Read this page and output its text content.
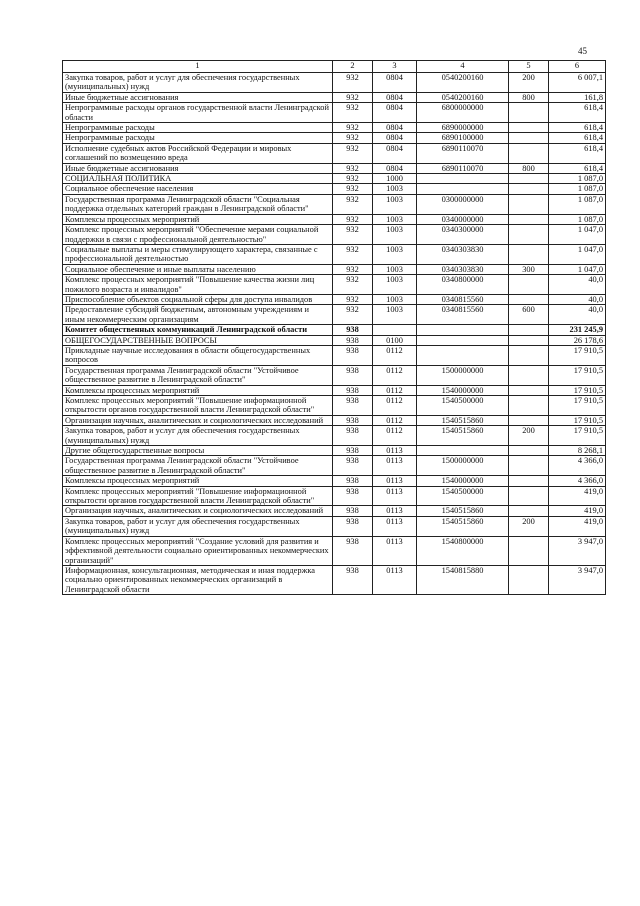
45
1	2	3	4	5	6
Закупка товаров, работ и услуг для обеспечения государственных (муниципальных) нужд	932	0804	0540200160	200	6 007,1
Иные бюджетные ассигнования	932	0804	0540200160	800	161,8
Непрограммные расходы органов государственной власти Ленинградской области	932	0804	6800000000		618,4
Непрограммные расходы	932	0804	6890000000		618,4
Непрограммные расходы	932	0804	6890100000		618,4
Исполнение судебных актов Российской Федерации и мировых соглашений по возмещению вреда	932	0804	6890110070		618,4
Иные бюджетные ассигнования	932	0804	6890110070	800	618,4
СОЦИАЛЬНАЯ ПОЛИТИКА	932	1000			1 087,0
Социальное обеспечение населения	932	1003			1 087,0
Государственная программа Ленинградской области "Социальная поддержка отдельных категорий граждан в Ленинградской области"	932	1003	0300000000		1 087,0
Комплексы процессных мероприятий	932	1003	0340000000		1 087,0
Комплекс процессных мероприятий "Обеспечение мерами социальной поддержки в связи с профессиональной деятельностью"	932	1003	0340300000		1 047,0
Социальные выплаты и меры стимулирующего характера, связанные с профессиональной деятельностью	932	1003	0340303830		1 047,0
Социальное обеспечение и иные выплаты населению	932	1003	0340303830	300	1 047,0
Комплекс процессных мероприятий "Повышение качества жизни лиц пожилого возраста и инвалидов"	932	1003	0340800000		40,0
Приспособление объектов социальной сферы для доступа инвалидов	932	1003	0340815560		40,0
Предоставление субсидий бюджетным, автономным учреждениям и иным некоммерческим организациям	932	1003	0340815560	600	40,0
Комитет общественных коммуникаций Ленинградской области	938				231 245,9
ОБЩЕГОСУДАРСТВЕННЫЕ ВОПРОСЫ	938	0100			26 178,6
Прикладные научные исследования в области общегосударственных вопросов	938	0112			17 910,5
Государственная программа Ленинградской области "Устойчивое общественное развитие в Ленинградской области"	938	0112	1500000000		17 910,5
Комплексы процессных мероприятий	938	0112	1540000000		17 910,5
Комплекс процессных мероприятий "Повышение информационной открытости органов государственной власти Ленинградской области"	938	0112	1540500000		17 910,5
Организация научных, аналитических и социологических исследований	938	0112	1540515860		17 910,5
Закупка товаров, работ и услуг для обеспечения государственных (муниципальных) нужд	938	0112	1540515860	200	17 910,5
Другие общегосударственные вопросы	938	0113			8 268,1
Государственная программа Ленинградской области "Устойчивое общественное развитие в Ленинградской области"	938	0113	1500000000		4 366,0
Комплексы процессных мероприятий	938	0113	1540000000		4 366,0
Комплекс процессных мероприятий "Повышение информационной открытости органов государственной власти Ленинградской области"	938	0113	1540500000		419,0
Организация научных, аналитических и социологических исследований	938	0113	1540515860		419,0
Закупка товаров, работ и услуг для обеспечения государственных (муниципальных) нужд	938	0113	1540515860	200	419,0
Комплекс процессных мероприятий "Создание условий для развития и эффективной деятельности социально ориентированных некоммерческих организаций"	938	0113	1540800000		3 947,0
Информационная, консультационная, методическая и иная поддержка социально ориентированных некоммерческих организаций в Ленинградской области	938	0113	1540815880		3 947,0
